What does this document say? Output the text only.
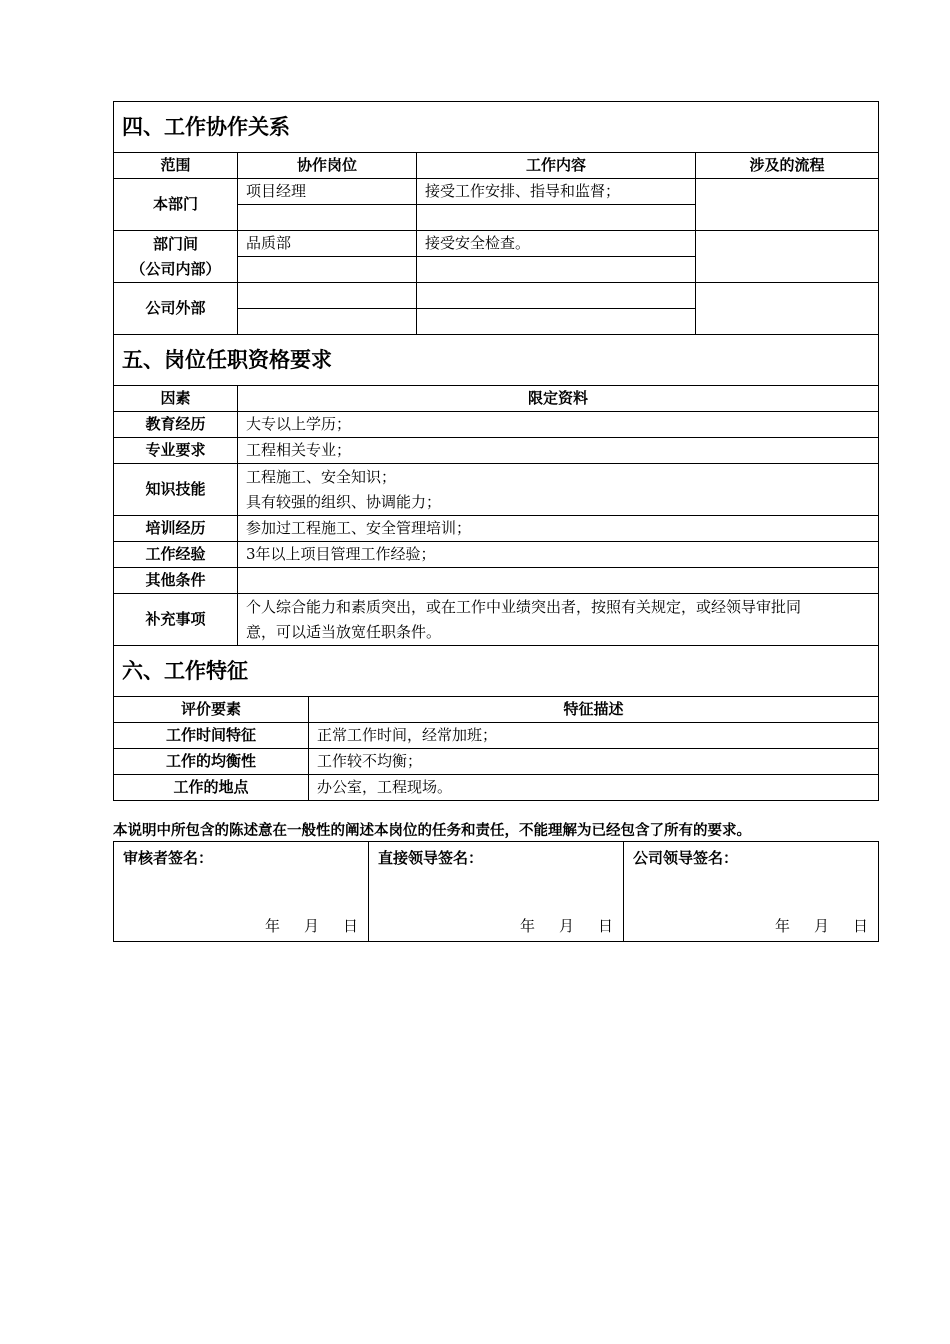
四、工作协作关系				
范围	协作岗位		工作内容	涉及的流程
本部门	项目经理		接受工作安排、指导和监督；	

部门间
（公司内部）	品质部		接受安全检查。	

公司外部				

五、岗位任职资格要求				
因素	限定资料			
教育经历	大专以上学历；			
专业要求	工程相关专业；			
知识技能	工程施工、安全知识；
具有较强的组织、协调能力；			

培训经历	参加过工程施工、安全管理培训；			
工作经验	3年以上项目管理工作经验；			
其他条件				
补充事项	个人综合能力和素质突出，或在工作中业绩突出者，按照有关规定，或经领导审批同
意，可以适当放宽任职条件。			

六、工作特征				
评价要素		特征描述		
工作时间特征		正常工作时间，经常加班；		
工作的均衡性		工作较不均衡；		
工作的地点		办公室，工程现场。		
本说明中所包含的陈述意在一般性的阐述本岗位的任务和责任，不能理解为已经包含了所有的要求。
审核者签名：
年 月 日

直接领导签名：
年 月 日

公司领导签名：
年 月 日
